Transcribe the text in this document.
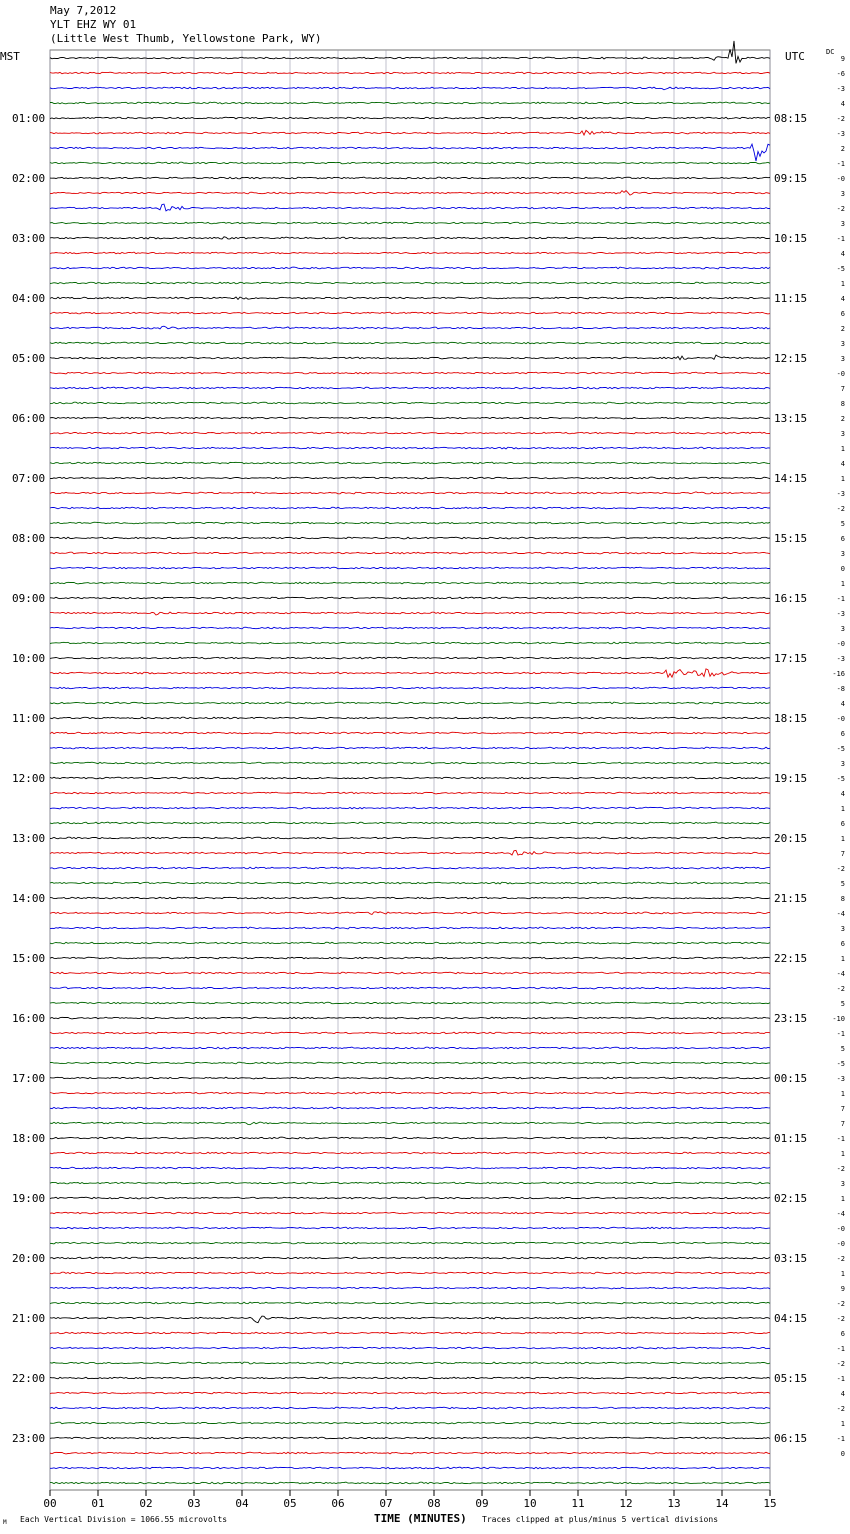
May 7,2012
YLT EHZ WY 01
(Little West Thumb, Yellowstone Park, WY)
MST	UTC	DC
00	01	02	03	04	05	06	07	08	09	10	11	12	13	14	15
9
-6
-3
4
-2
-3
2
-1
-0
3
-2
3
-1
4
-5
1
4
6
2
3
3
-0
7
8
2
3
1
4
1
-3
-2
5
6
3
0
1
-1
-3
3
-0
-3
-16
-8
4
-0
6
-5
3
-5
4
1
6
1
7
-2
5
8
-4
3
6
1
-4
-2
5
-10
-1
5
-5
-3
1
7
7
-1
1
-2
3
1
-4
-0
-0
-2
1
9
-2
-2
6
-1
-2
-1
4
-2
1
-1
0
01:00
02:00
03:00
04:00
05:00
06:00
07:00
08:00
09:00
10:00
11:00
12:00
13:00
14:00
15:00
16:00
17:00
18:00
19:00
20:00
21:00
22:00
23:00
08:15
09:15
10:15
11:15
12:15
13:15
14:15
15:15
16:15
17:15
18:15
19:15
20:15
21:15
22:15
23:15
00:15
01:15
02:15
03:15
04:15
05:15
06:15
TIME (MINUTES)
M Each Vertical Division = 1066.55 microvolts	Traces clipped at plus/minus 5 vertical divisions
